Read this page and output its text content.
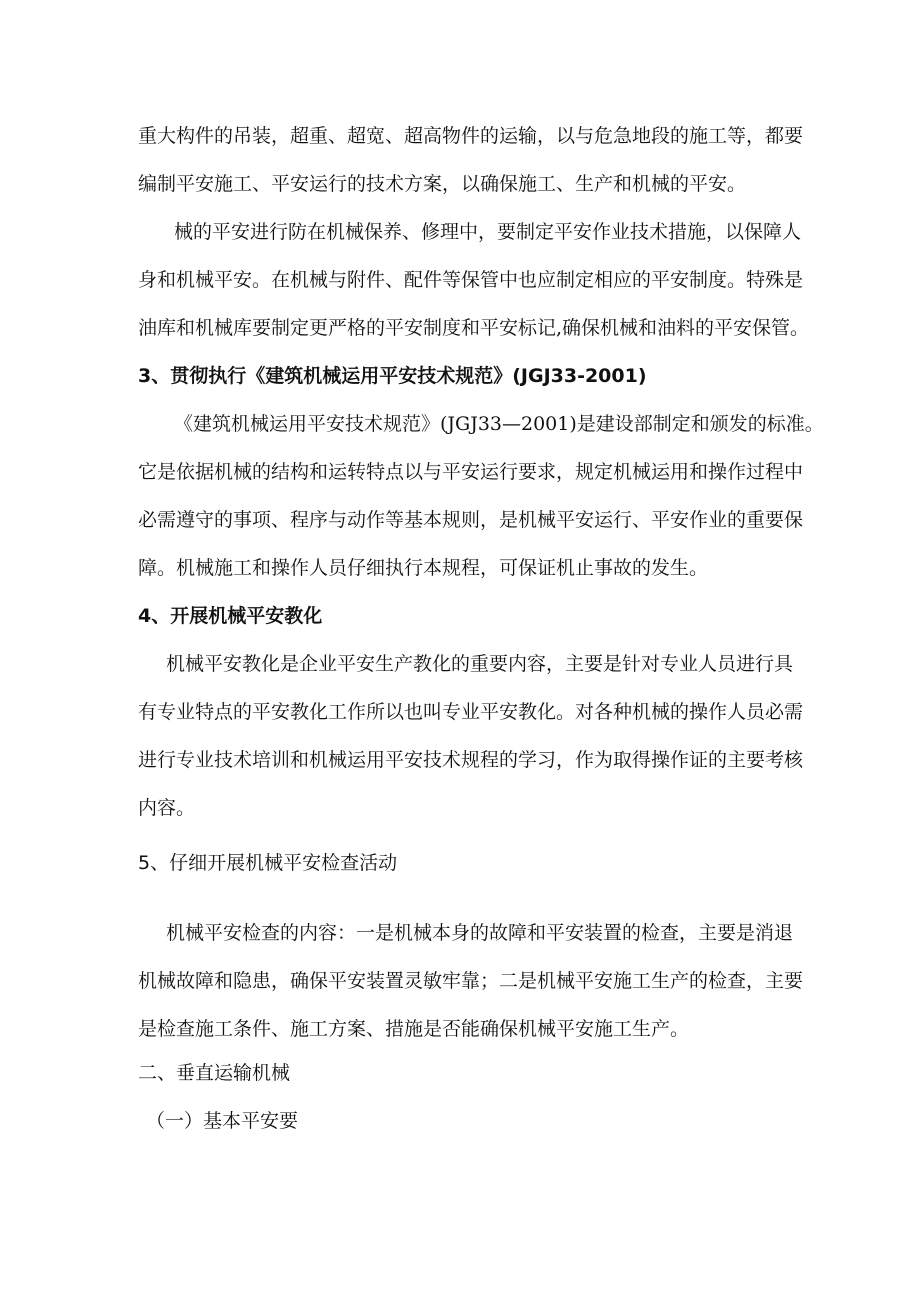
重大构件的吊装，超重、超宽、超高物件的运输，以与危急地段的施工等，都要

编制平安施工、平安运行的技术方案，以确保施工、生产和机械的平安。

械的平安进行防在机械保养、修理中，要制定平安作业技术措施，以保障人

身和机械平安。在机械与附件、配件等保管中也应制定相应的平安制度。特殊是

油库和机械库要制定更严格的平安制度和平安标记,确保机械和油料的平安保管。

3、贯彻执行《建筑机械运用平安技术规范》(JGJ33-2001)

《建筑机械运用平安技术规范》(JGJ33—2001)是建设部制定和颁发的标准。

它是依据机械的结构和运转特点以与平安运行要求，规定机械运用和操作过程中

必需遵守的事项、程序与动作等基本规则，是机械平安运行、平安作业的重要保

障。机械施工和操作人员仔细执行本规程，可保证机止事故的发生。

4、开展机械平安教化

机械平安教化是企业平安生产教化的重要内容，主要是针对专业人员进行具

有专业特点的平安教化工作所以也叫专业平安教化。对各种机械的操作人员必需

进行专业技术培训和机械运用平安技术规程的学习，作为取得操作证的主要考核

内容。

5、仔细开展机械平安检查活动

机械平安检查的内容：一是机械本身的故障和平安装置的检查，主要是消退

机械故障和隐患，确保平安装置灵敏牢靠；二是机械平安施工生产的检查，主要

是检查施工条件、施工方案、措施是否能确保机械平安施工生产。

二、垂直运输机械
（一）基本平安要
